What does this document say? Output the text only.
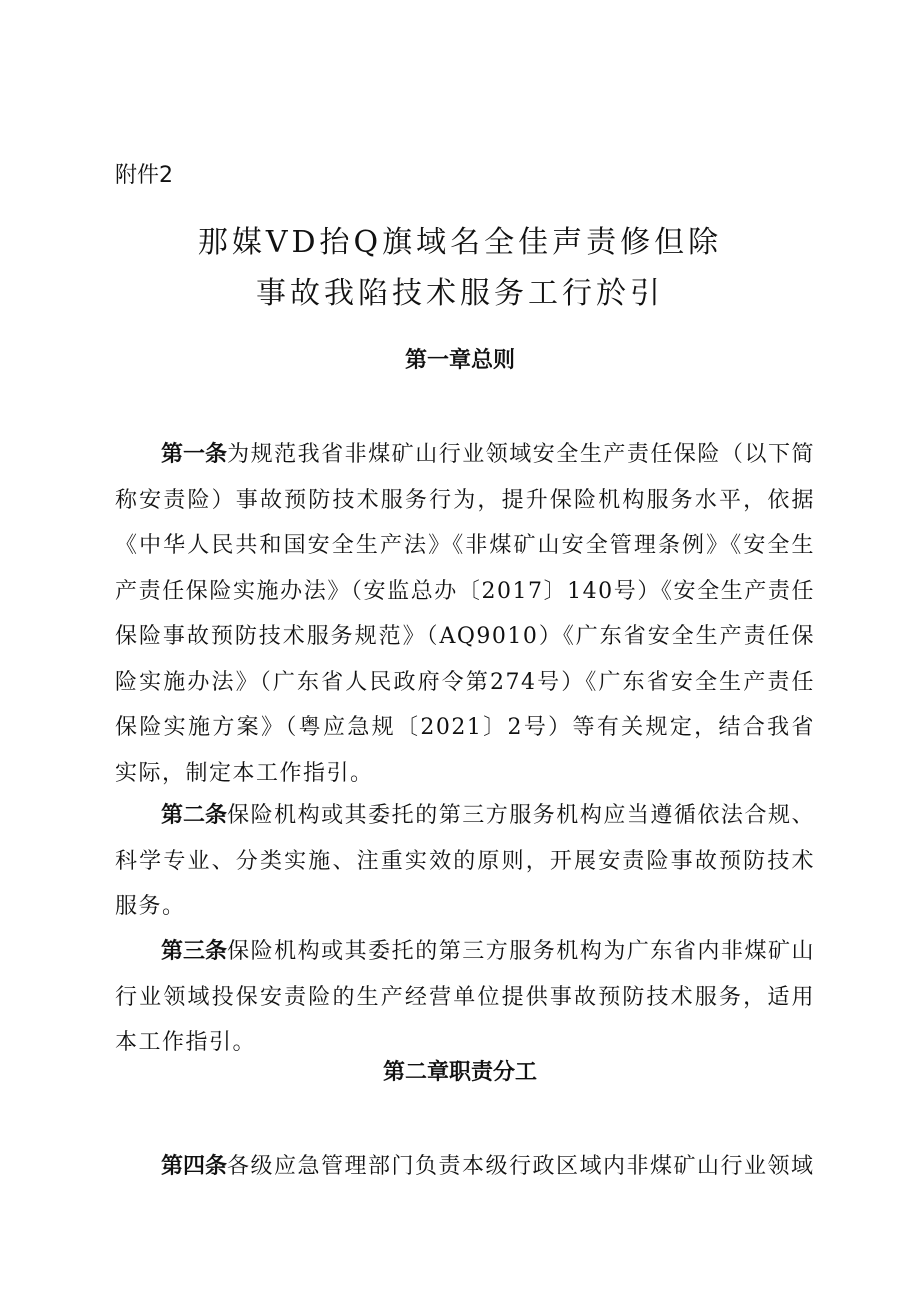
附件2
那媒VD抬Q旗域名全佳声责修但除
事故我陷技术服务工行於引
第一章总则

第一条为规范我省非煤矿山行业领域安全生产责任保险（以下简称安责险）事故预防技术服务行为，提升保险机构服务水平，依据《中华人民共和国安全生产法》《非煤矿山安全管理条例》《安全生产责任保险实施办法》（安监总办〔2017〕140号）《安全生产责任保险事故预防技术服务规范》（AQ9010）《广东省安全生产责任保险实施办法》（广东省人民政府令第274号）《广东省安全生产责任保险实施方案》（粤应急规〔2021〕2号）等有关规定，结合我省实际，制定本工作指引。

第二条保险机构或其委托的第三方服务机构应当遵循依法合规、科学专业、分类实施、注重实效的原则，开展安责险事故预防技术服务。

第三条保险机构或其委托的第三方服务机构为广东省内非煤矿山行业领域投保安责险的生产经营单位提供事故预防技术服务，适用本工作指引。

第二章职责分工

第四条各级应急管理部门负责本级行政区域内非煤矿山行业领域
